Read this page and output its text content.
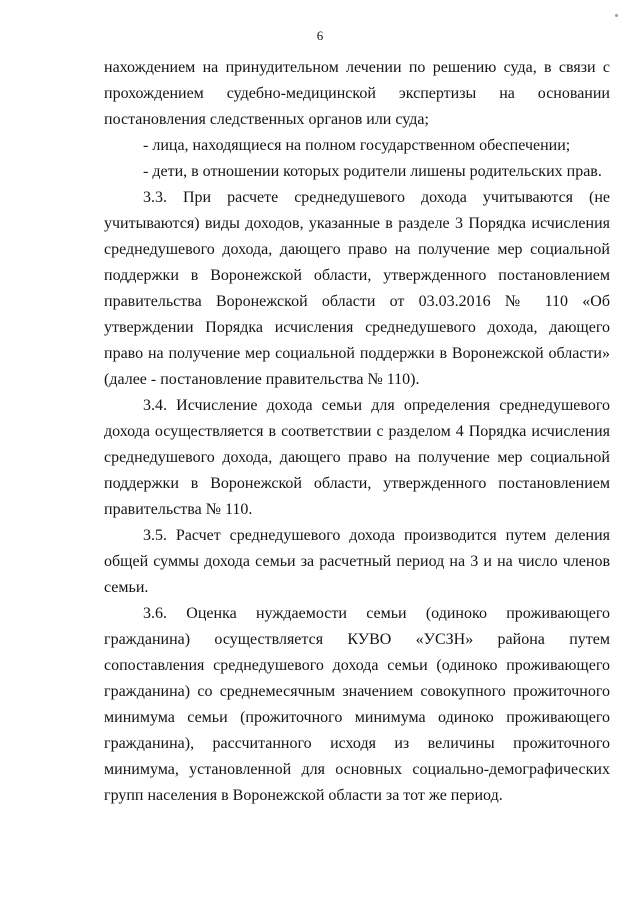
6

нахождением на принудительном лечении по решению суда, в связи с прохождением судебно-медицинской экспертизы на основании постановления следственных органов или суда;

- лица, находящиеся на полном государственном обеспечении;

- дети, в отношении которых родители лишены родительских прав.

3.3. При расчете среднедушевого дохода учитываются (не учитываются) виды доходов, указанные в разделе 3 Порядка исчисления среднедушевого дохода, дающего право на получение мер социальной поддержки в Воронежской области, утвержденного постановлением правительства Воронежской области от 03.03.2016 № 110 «Об утверждении Порядка исчисления среднедушевого дохода, дающего право на получение мер социальной поддержки в Воронежской области» (далее - постановление правительства № 110).

3.4. Исчисление дохода семьи для определения среднедушевого дохода осуществляется в соответствии с разделом 4 Порядка исчисления среднедушевого дохода, дающего право на получение мер социальной поддержки в Воронежской области, утвержденного постановлением правительства № 110.

3.5. Расчет среднедушевого дохода производится путем деления общей суммы дохода семьи за расчетный период на 3 и на число членов семьи.

3.6. Оценка нуждаемости семьи (одиноко проживающего гражданина) осуществляется КУВО «УСЗН» района путем сопоставления среднедушевого дохода семьи (одиноко проживающего гражданина) со среднемесячным значением совокупного прожиточного минимума семьи (прожиточного минимума одиноко проживающего гражданина), рассчитанного исходя из величины прожиточного минимума, установленной для основных социально-демографических групп населения в Воронежской области за тот же период.
